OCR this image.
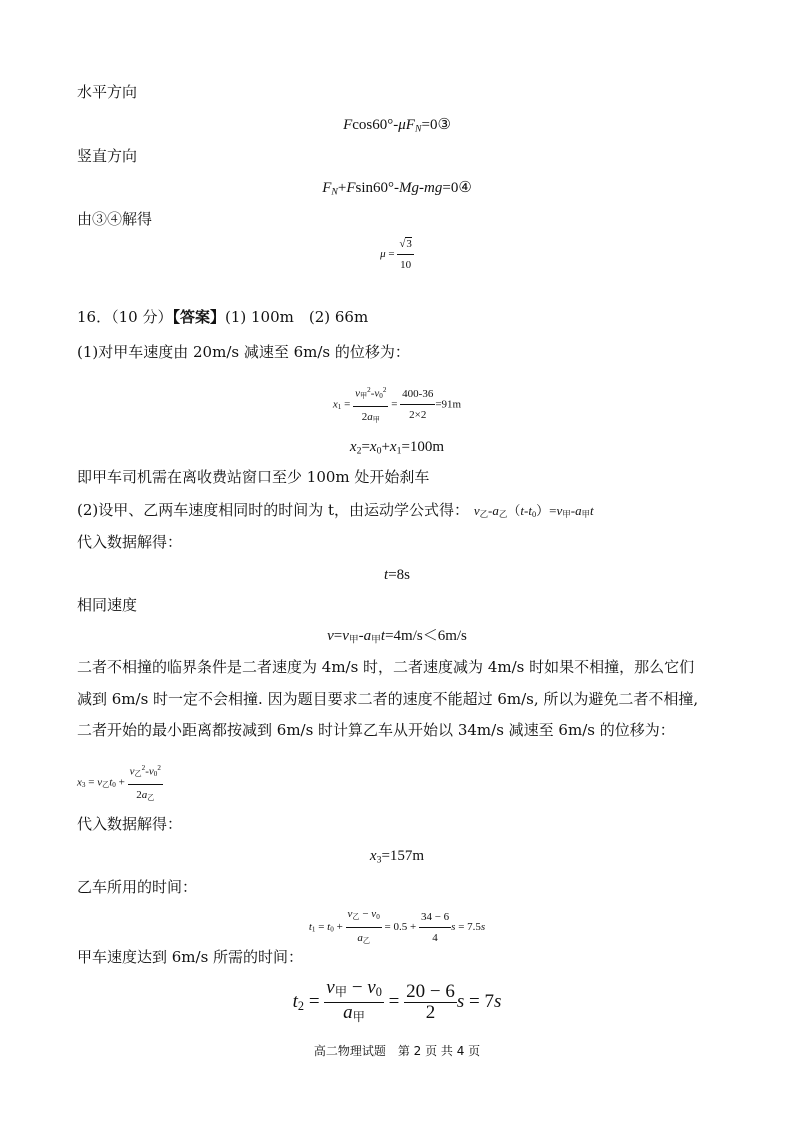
水平方向
$Fcos60^\circ-\mu F_N=0③$
竖直方向
$F_N+Fsin60^\circ-Mg-mg=0④$
由③④解得
$\mu = \frac{√3}{10}$
16．（10 分）【答案】(1) 100m　(2) 66m
(1)对甲车速度由 20m/s 减速至 6m/s 的位移为：
$x_1 = \frac{v_甲^2-v_0^2}{2a_甲} = \frac{400-36}{2\times 2} =91m$
$x_2=x_0+x_1=100m$
即甲车司机需在离收费站窗口至少 100m 处开始刹车
(2)设甲、乙两车速度相同时的时间为 t，由运动学公式得： $v_乙-a_乙(t-t_0)=v_甲-a_甲t$
代入数据解得：
t=8s
相同速度
$v=v_甲-a_甲t=4m/s<6m/s$
二者不相撞的临界条件是二者速度为 4m/s 时，二者速度减为 4m/s 时如果不相撞，那么它们
减到 6m/s 时一定不会相撞. 因为题目要求二者的速度不能超过 6m/s, 所以为避免二者不相撞,
二者开始的最小距离都按减到 6m/s 时计算乙车从开始以 34m/s 减速至 6m/s 的位移为：
$x_3 = v_乙t_0 + \frac{v_乙^2-v_0^2}{2a_乙}$
代入数据解得：
$x_3=157m$
乙车所用的时间：
$t_1 = t_0 + \frac{v_乙 - v_0}{a_乙} = 0.5 + \frac{34 - 6}{4}$ s = 7.5s
甲车速度达到 6m/s 所需的时间：
$t_2 = \frac{v_甲 - v_0}{a_甲} = \frac{20 - 6}{2}$ s = 7s
高二物理试题　第 2 页 共 4 页
